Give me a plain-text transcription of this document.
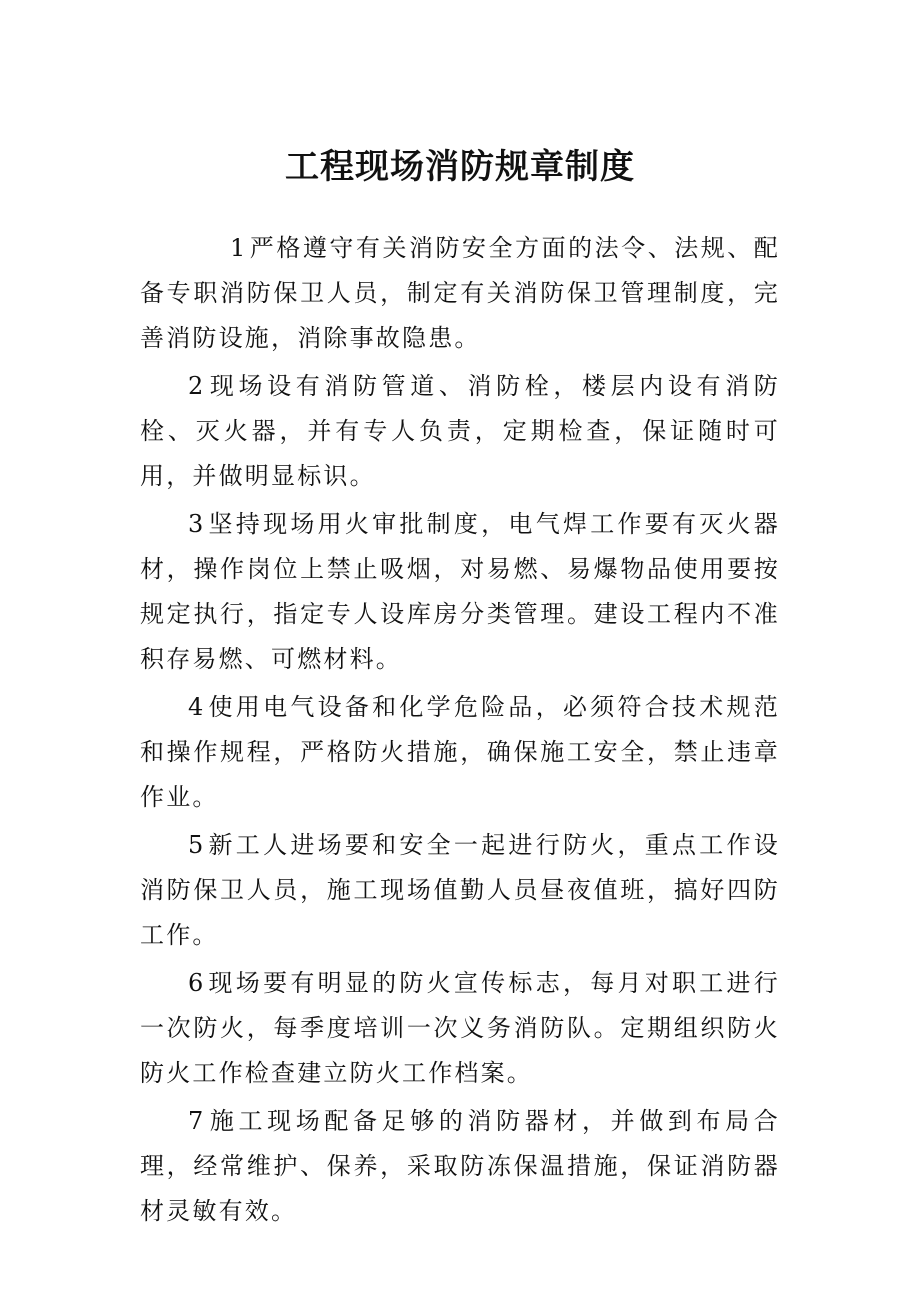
工程现场消防规章制度

1严格遵守有关消防安全方面的法令、法规、配备专职消防保卫人员，制定有关消防保卫管理制度，完善消防设施，消除事故隐患。

2现场设有消防管道、消防栓，楼层内设有消防栓、灭火器，并有专人负责，定期检查，保证随时可用，并做明显标识。

3坚持现场用火审批制度，电气焊工作要有灭火器材，操作岗位上禁止吸烟，对易燃、易爆物品使用要按规定执行，指定专人设库房分类管理。建设工程内不准积存易燃、可燃材料。

4使用电气设备和化学危险品，必须符合技术规范和操作规程，严格防火措施，确保施工安全，禁止违章作业。

5新工人进场要和安全一起进行防火，重点工作设消防保卫人员，施工现场值勤人员昼夜值班，搞好四防工作。

6现场要有明显的防火宣传标志，每月对职工进行一次防火，每季度培训一次义务消防队。定期组织防火防火工作检查建立防火工作档案。

7施工现场配备足够的消防器材，并做到布局合理，经常维护、保养，采取防冻保温措施，保证消防器材灵敏有效。
